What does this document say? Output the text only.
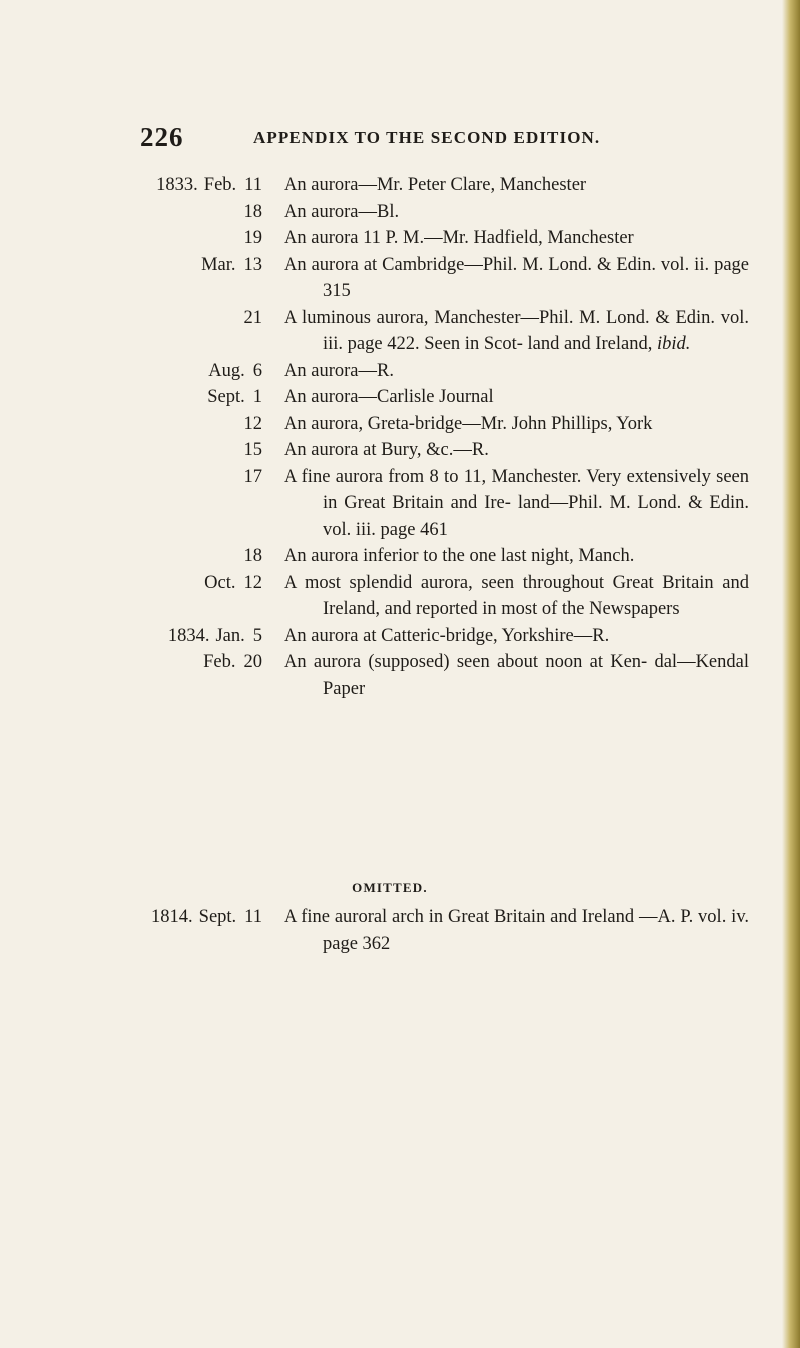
226	APPENDIX TO THE SECOND EDITION.
1833. Feb. 11 An aurora—Mr. Peter Clare, Manchester
18 An aurora—Bl.
19 An aurora 11 P. M.—Mr. Hadfield, Manchester
Mar. 13 An aurora at Cambridge—Phil. M. Lond. & Edin. vol. ii. page 315
21 A luminous aurora, Manchester—Phil. M. Lond. & Edin. vol. iii. page 422. Seen in Scot- land and Ireland, ibid.
Aug. 6 An aurora—R.
Sept. 1 An aurora—Carlisle Journal
12 An aurora, Greta-bridge—Mr. John Phillips, York
15 An aurora at Bury, &c.—R.
17 A fine aurora from 8 to 11, Manchester. Very extensively seen in Great Britain and Ire- land—Phil. M. Lond. & Edin. vol. iii. page 461
18 An aurora inferior to the one last night, Manch.
Oct. 12 A most splendid aurora, seen throughout Great Britain and Ireland, and reported in most of the Newspapers
1834. Jan. 5 An aurora at Catteric-bridge, Yorkshire—R.
Feb. 20 An aurora (supposed) seen about noon at Ken- dal—Kendal Paper
OMITTED.
1814. Sept. 11 A fine auroral arch in Great Britain and Ireland —A. P. vol. iv. page 362
